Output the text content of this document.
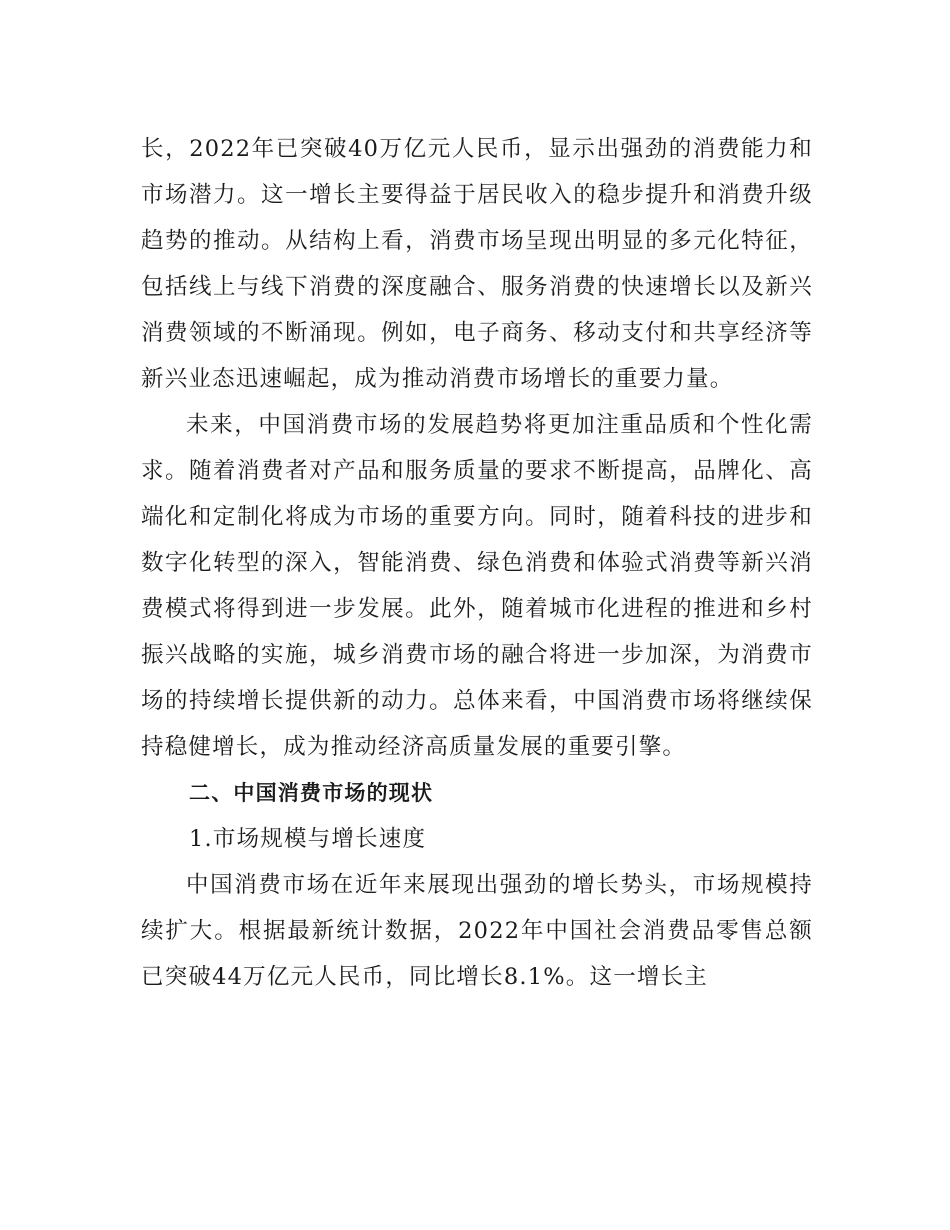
长，2022年已突破40万亿元人民币，显示出强劲的消费能力和市场潜力。这一增长主要得益于居民收入的稳步提升和消费升级趋势的推动。从结构上看，消费市场呈现出明显的多元化特征，包括线上与线下消费的深度融合、服务消费的快速增长以及新兴消费领域的不断涌现。例如，电子商务、移动支付和共享经济等新兴业态迅速崛起，成为推动消费市场增长的重要力量。

未来，中国消费市场的发展趋势将更加注重品质和个性化需求。随着消费者对产品和服务质量的要求不断提高，品牌化、高端化和定制化将成为市场的重要方向。同时，随着科技的进步和数字化转型的深入，智能消费、绿色消费和体验式消费等新兴消费模式将得到进一步发展。此外，随着城市化进程的推进和乡村振兴战略的实施，城乡消费市场的融合将进一步加深，为消费市场的持续增长提供新的动力。总体来看，中国消费市场将继续保持稳健增长，成为推动经济高质量发展的重要引擎。

二、中国消费市场的现状

1.市场规模与增长速度

中国消费市场在近年来展现出强劲的增长势头，市场规模持续扩大。根据最新统计数据，2022年中国社会消费品零售总额已突破44万亿元人民币，同比增长8.1%。这一增长主
